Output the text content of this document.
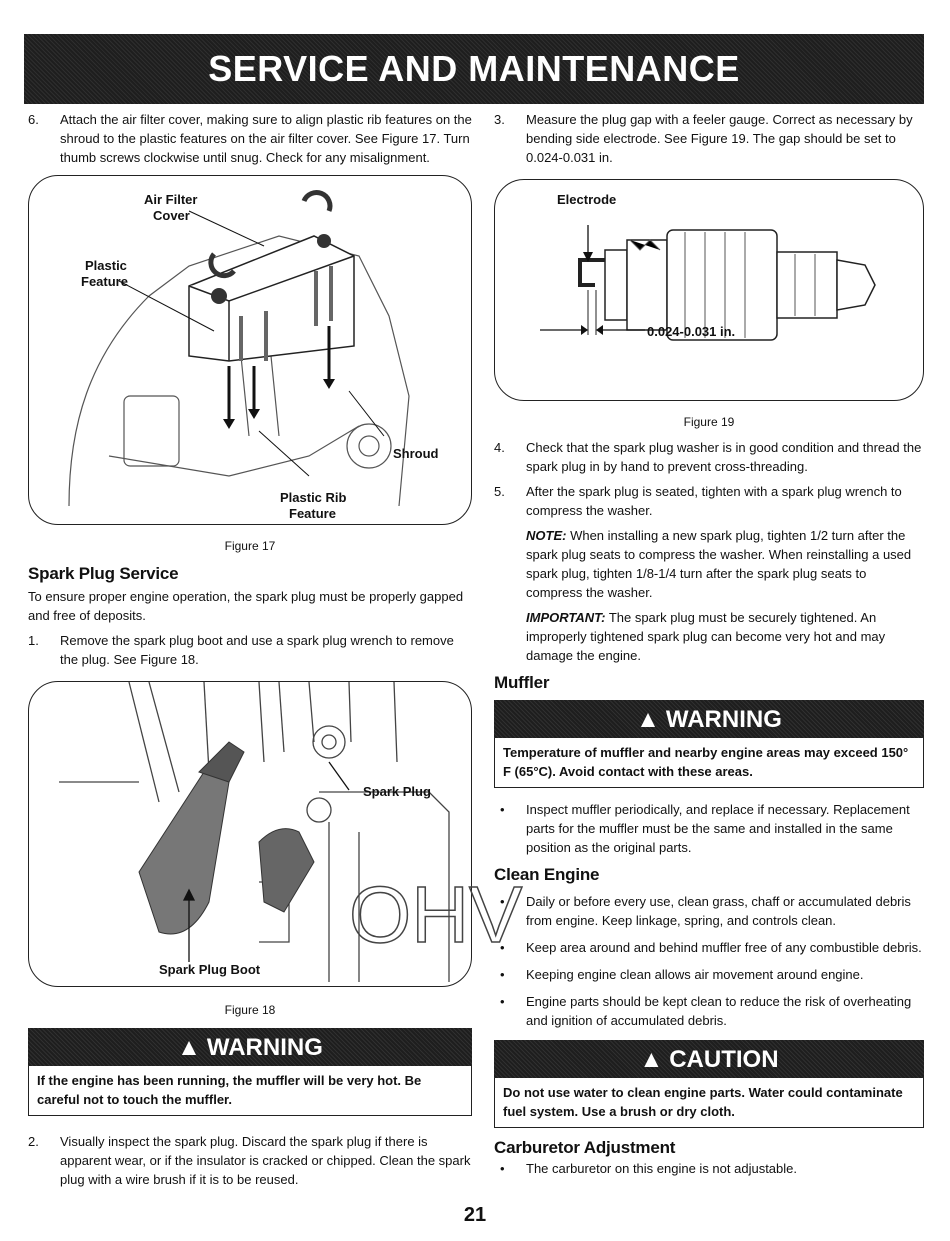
SERVICE AND MAINTENANCE
6. Attach the air filter cover, making sure to align plastic rib features on the shroud to the plastic features on the air filter cover. See Figure 17. Turn thumb screws clockwise until snug. Check for any misalignment.
Air Filter
Cover
Plastic
Feature
Shroud
Plastic Rib
Feature
Figure 17
Spark Plug Service
To ensure proper engine operation, the spark plug must be properly gapped and free of deposits.
1. Remove the spark plug boot and use a spark plug wrench to remove the plug. See Figure 18.
OHV
Spark Plug
Spark Plug Boot
Figure 18
▲ WARNING
If the engine has been running, the muffler will be very hot. Be careful not to touch the muffler.
2. Visually inspect the spark plug. Discard the spark plug if there is apparent wear, or if the insulator is cracked or chipped. Clean the spark plug with a wire brush if it is to be reused.
3. Measure the plug gap with a feeler gauge. Correct as necessary by bending side electrode. See Figure 19. The gap should be set to 0.024-0.031 in.
Electrode
0.024-0.031 in.
Figure 19
4. Check that the spark plug washer is in good condition and thread the spark plug in by hand to prevent cross-threading.
5. After the spark plug is seated, tighten with a spark plug wrench to compress the washer.
NOTE: When installing a new spark plug, tighten 1/2 turn after the spark plug seats to compress the washer. When reinstalling a used spark plug, tighten 1/8-1/4 turn after the spark plug seats to compress the washer.
IMPORTANT: The spark plug must be securely tightened. An improperly tightened spark plug can become very hot and may damage the engine.
Muffler
▲ WARNING
Temperature of muffler and nearby engine areas may exceed 150° F (65°C). Avoid contact with these areas.
• Inspect muffler periodically, and replace if necessary. Replacement parts for the muffler must be the same and installed in the same position as the original parts.
Clean Engine
• Daily or before every use, clean grass, chaff or accumulated debris from engine. Keep linkage, spring, and controls clean.
• Keep area around and behind muffler free of any combustible debris.
• Keeping engine clean allows air movement around engine.
• Engine parts should be kept clean to reduce the risk of overheating and ignition of accumulated debris.
▲ CAUTION
Do not use water to clean engine parts. Water could contaminate fuel system. Use a brush or dry cloth.
Carburetor Adjustment
• The carburetor on this engine is not adjustable.
21
